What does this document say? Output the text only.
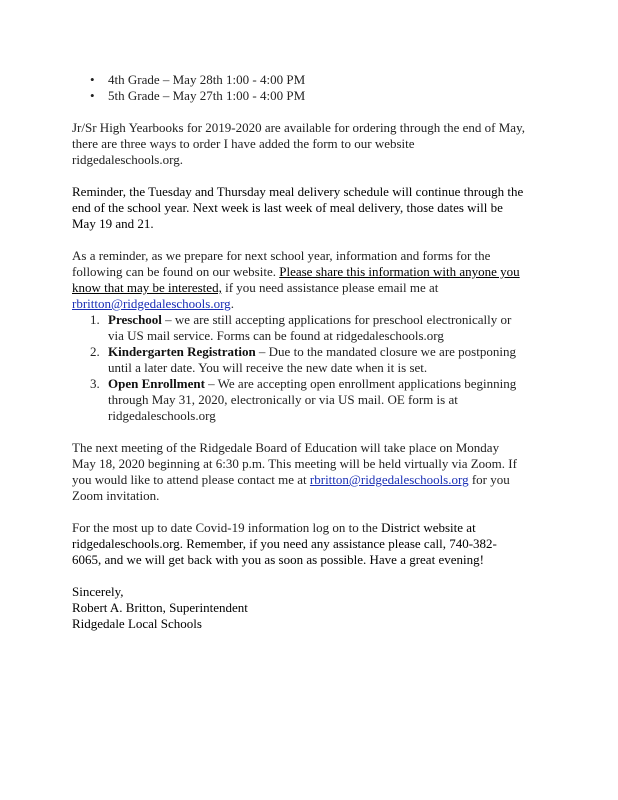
• 4th Grade – May 28th 1:00 - 4:00 PM
• 5th Grade – May 27th 1:00 - 4:00 PM

Jr/Sr High Yearbooks for 2019-2020 are available for ordering through the end of May, there are three ways to order I have added the form to our website ridgedaleschools.org.

Reminder, the Tuesday and Thursday meal delivery schedule will continue through the end of the school year. Next week is last week of meal delivery, those dates will be May 19 and 21.

As a reminder, as we prepare for next school year, information and forms for the following can be found on our website. Please share this information with anyone you know that may be interested, if you need assistance please email me at rbritton@ridgedaleschools.org.

1. Preschool – we are still accepting applications for preschool electronically or via US mail service. Forms can be found at ridgedaleschools.org
2. Kindergarten Registration – Due to the mandated closure we are postponing until a later date. You will receive the new date when it is set.
3. Open Enrollment – We are accepting open enrollment applications beginning through May 31, 2020, electronically or via US mail. OE form is at ridgedaleschools.org

The next meeting of the Ridgedale Board of Education will take place on Monday May 18, 2020 beginning at 6:30 p.m. This meeting will be held virtually via Zoom. If you would like to attend please contact me at rbritton@ridgedaleschools.org for you Zoom invitation.

For the most up to date Covid-19 information log on to the District website at ridgedaleschools.org. Remember, if you need any assistance please call, 740-382-6065, and we will get back with you as soon as possible. Have a great evening!

Sincerely,
Robert A. Britton, Superintendent
Ridgedale Local Schools
